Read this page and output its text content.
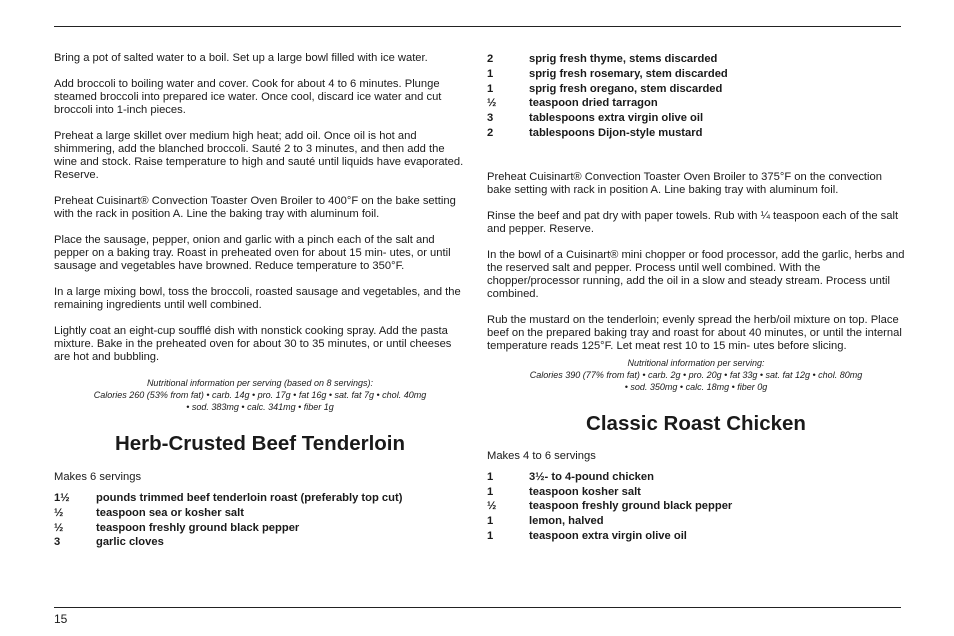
Bring a pot of salted water to a boil. Set up a large bowl filled with ice water.

Add broccoli to boiling water and cover. Cook for about 4 to 6 minutes. Plunge steamed broccoli into prepared ice water. Once cool, discard ice water and cut broccoli into 1-inch pieces.

Preheat a large skillet over medium high heat; add oil. Once oil is hot and shimmering, add the blanched broccoli. Sauté 2 to 3 minutes, and then add the wine and stock. Raise temperature to high and sauté until liquids have evaporated. Reserve.

Preheat Cuisinart® Convection Toaster Oven Broiler to 400°F on the bake setting with the rack in position A. Line the baking tray with aluminum foil.

Place the sausage, pepper, onion and garlic with a pinch each of the salt and pepper on a baking tray. Roast in preheated oven for about 15 min- utes, or until sausage and vegetables have browned. Reduce temperature to 350°F.

In a large mixing bowl, toss the broccoli, roasted sausage and vegetables, and the remaining ingredients until well combined.

Lightly coat an eight-cup soufflé dish with nonstick cooking spray. Add the pasta mixture. Bake in the preheated oven for about 30 to 35 minutes, or until cheeses are hot and bubbling.

Nutritional information per serving (based on 8 servings):

Calories 260 (53% from fat) • carb. 14g • pro. 17g • fat 16g • sat. fat 7g • chol. 40mg

• sod. 383mg • calc. 341mg • fiber 1g

Herb-Crusted Beef Tenderloin

Makes 6 servings

1½	pounds trimmed beef tenderloin roast (preferably top cut)
½	teaspoon sea or kosher salt
½	teaspoon freshly ground black pepper
3	garlic cloves
2	sprig fresh thyme, stems discarded
1	sprig fresh rosemary, stem discarded
1	sprig fresh oregano, stem discarded
½	teaspoon dried tarragon
3	tablespoons extra virgin olive oil
2	tablespoons Dijon-style mustard

Preheat Cuisinart® Convection Toaster Oven Broiler to 375°F on the convection bake setting with rack in position A. Line baking tray with aluminum foil.

Rinse the beef and pat dry with paper towels. Rub with ¼ teaspoon each of the salt and pepper. Reserve.

In the bowl of a Cuisinart® mini chopper or food processor, add the garlic, herbs and the reserved salt and pepper. Process until well combined. With the chopper/processor running, add the oil in a slow and steady stream. Process until combined.

Rub the mustard on the tenderloin; evenly spread the herb/oil mixture on top. Place beef on the prepared baking tray and roast for about 40 minutes, or until the internal temperature reads 125°F. Let meat rest 10 to 15 min- utes before slicing.

Nutritional information per serving:

Calories 390 (77% from fat) • carb. 2g • pro. 20g • fat 33g • sat. fat 12g • chol. 80mg

• sod. 350mg • calc. 18mg • fiber 0g

Classic Roast Chicken

Makes 4 to 6 servings

1	3½- to 4-pound chicken
1	teaspoon kosher salt
½	teaspoon freshly ground black pepper
1	lemon, halved
1	teaspoon extra virgin olive oil
15
